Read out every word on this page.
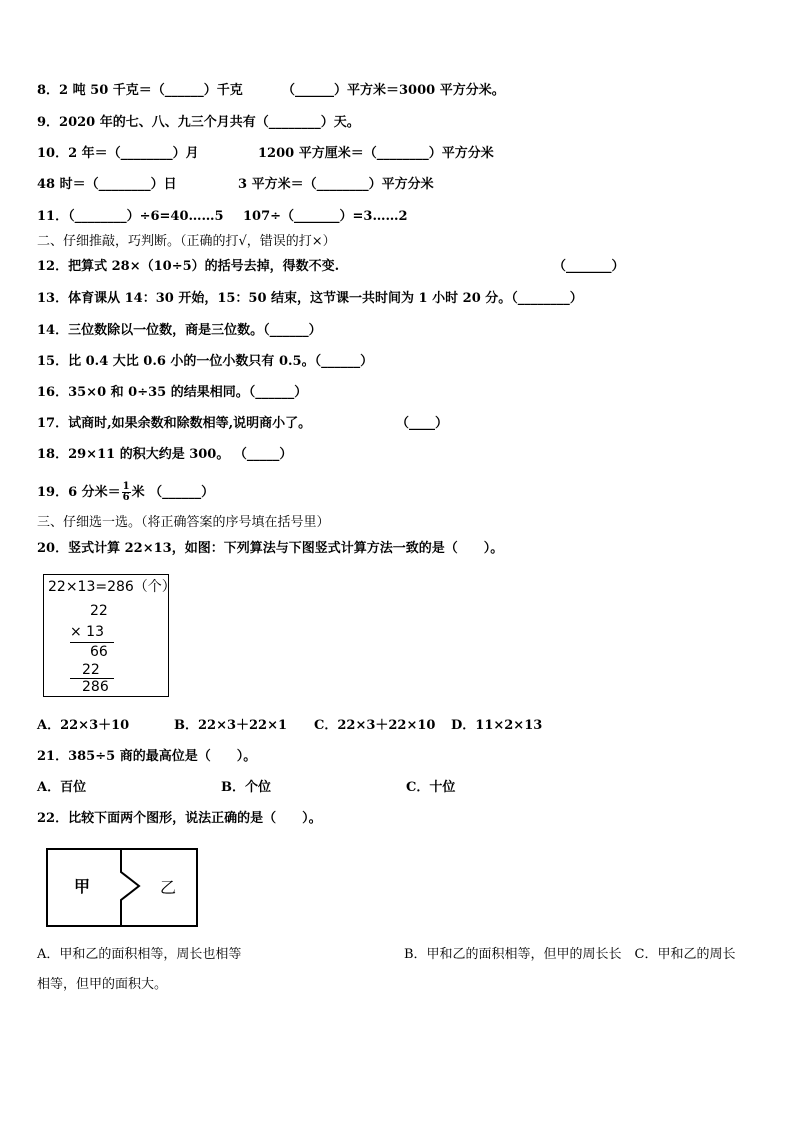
8．2 吨 50 千克＝（______）千克	（______）平方米＝3000 平方分米。
9．2020 年的七、八、九三个月共有（________）天。
10．2 年＝（________）月	1200 平方厘米＝（________）平方分米
48 时＝（________）日	3 平方米＝（________）平方分米
11．（________）÷6=40……5 107÷（_______）=3……2
二、仔细推敲，巧判断。（正确的打√，错误的打×）
12．把算式 28×（10÷5）的括号去掉，得数不变.	（_______）
13．体育课从 14：30 开始，15：50 结束，这节课一共时间为 1 小时 20 分。（________）
14．三位数除以一位数，商是三位数。（______）
15．比 0.4 大比 0.6 小的一位小数只有 0.5。（______）
16．35×0 和 0÷35 的结果相同。（______）
17．试商时,如果余数和除数相等,说明商小了。	（____）
18．29×11 的积大约是 300。 （_____）
19．6 分米＝ $\frac{1}{6}$ 米 （______）
三、仔细选一选。（将正确答案的序号填在括号里）
20．竖式计算 22×13，如图：下列算法与下图竖式计算方法一致的是（　　）。
22×13=286（个）
22
× 13
66
22
286
A．22×3＋10	B．22×3＋22×1 C．22×3＋22×10 D．11×2×13
21．385÷5 商的最高位是（　　）。
A．百位	B．个位	C．十位
22．比较下面两个图形，说法正确的是（　　）。
甲	乙
A．甲和乙的面积相等，周长也相等	B．甲和乙的面积相等，但甲的周长长　C．甲和乙的周长
相等，但甲的面积大。
